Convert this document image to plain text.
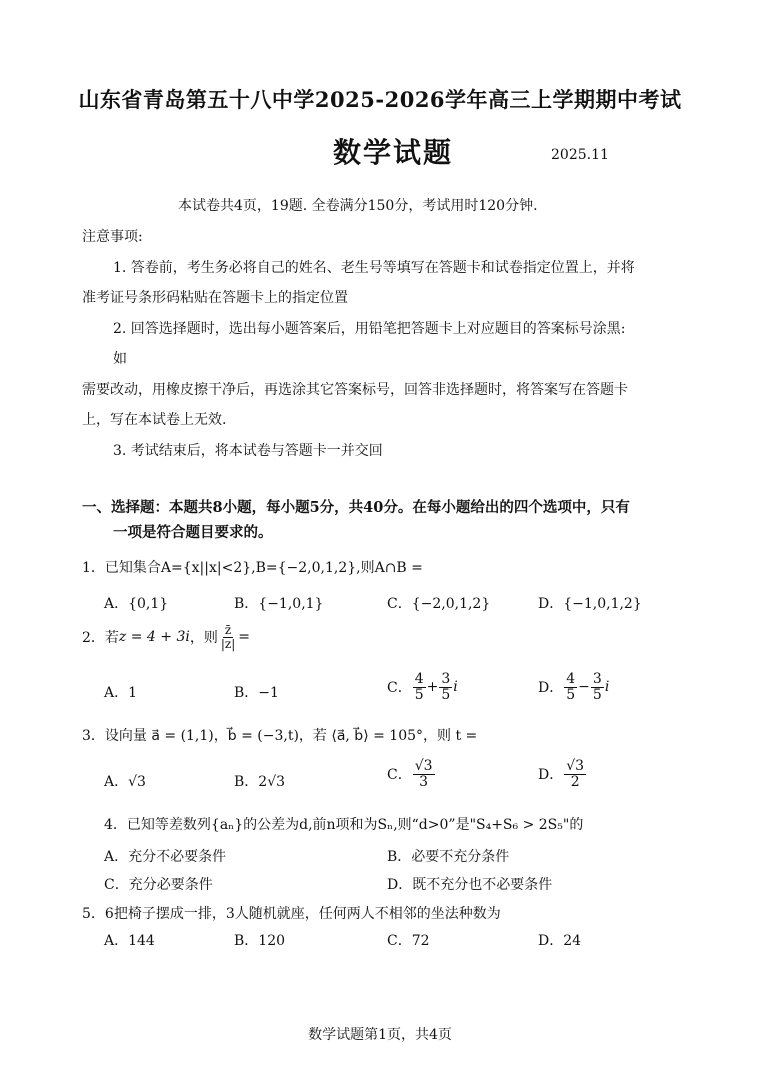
山东省青岛第五十八中学2025-2026学年高三上学期期中考试
数学试题	2025.11
本试卷共4页，19题. 全卷满分150分，考试用时120分钟.
注意事项:
1. 答卷前，考生务必将自己的姓名、老生号等填写在答题卡和试卷指定位置上，并将
准考证号条形码粘贴在答题卡上的指定位置
2. 回答选择题时，选出每小题答案后，用铅笔把答题卡上对应题目的答案标号涂黑:
如
需要改动，用橡皮擦干净后，再选涂其它答案标号，回答非选择题时，将答案写在答题卡
上，写在本试卷上无效.
3. 考试结束后，将本试卷与答题卡一并交回
一、选择题：本题共8小题，每小题5分，共40分。在每小题给出的四个选项中，只有
一项是符合题目要求的。
1．已知集合A={x||x|<2},B={−2,0,1,2},则A∩B =
A．{0,1}	B．{−1,0,1}	C．{−2,0,1,2}	D．{−1,0,1,2}
2．若 z = 4 + 3i ，则 $\frac{z̄}{|z|}$ =
A．1	B．−1	C． $\frac{4}{5} + \frac{3}{5}$ i	D． $\frac{4}{5} - \frac{3}{5}$ i
3．设向量 a⃗ = (1,1)，b⃗ = (−3,t)，若 ⟨a⃗, b⃗⟩ = 105°，则 t =
A．√3	B．2√3	C． $\frac{√3}{3}$	D． $\frac{√3}{2}$
4．已知等差数列{aₙ}的公差为d,前n项和为Sₙ,则“d>0”是"S₄+S₆ > 2S₅"的
A．充分不必要条件	B．必要不充分条件
C．充分必要条件	D．既不充分也不必要条件
5．6把椅子摆成一排，3人随机就座，任何两人不相邻的坐法种数为
A．144	B．120	C．72	D．24
数学试题第1页，共4页
